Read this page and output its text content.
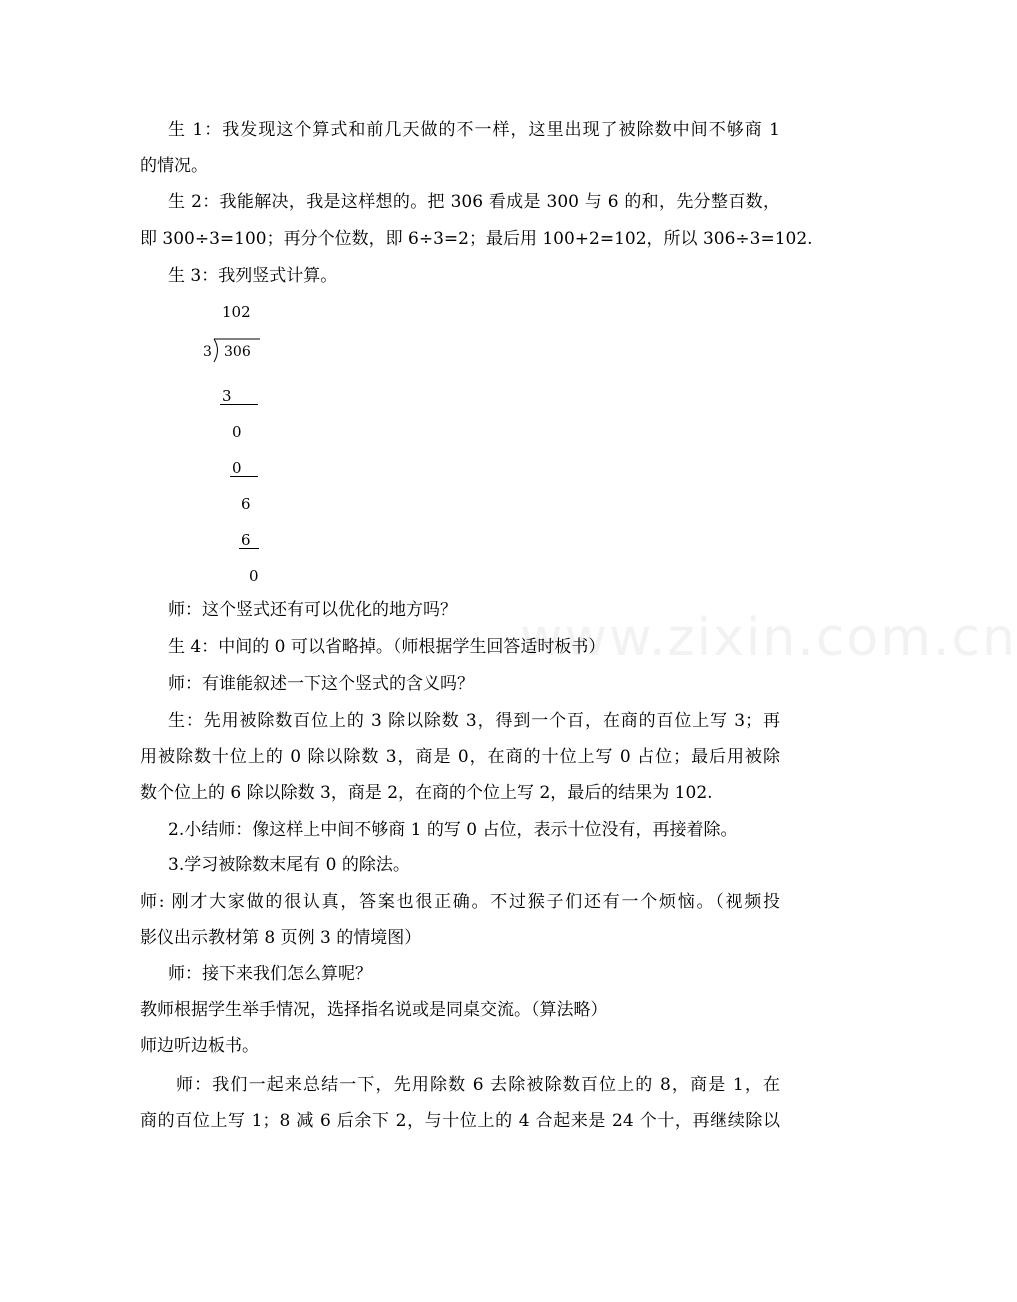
www.zixin.com.cn
生 1：我发现这个算式和前几天做的不一样，这里出现了被除数中间不够商 1
的情况。
生 2：我能解决，我是这样想的。把 306 看成是 300 与 6 的和，先分整百数，
即 300÷3=100；再分个位数，即 6÷3=2；最后用 100+2=102，所以 306÷3=102.
生 3：我列竖式计算。
102
3 306
3
0
0
6
6
0
师：这个竖式还有可以优化的地方吗？
生 4：中间的 0 可以省略掉。（师根据学生回答适时板书）
师：有谁能叙述一下这个竖式的含义吗？
生：先用被除数百位上的 3 除以除数 3，得到一个百，在商的百位上写 3；再
用被除数十位上的 0 除以除数 3，商是 0，在商的十位上写 0 占位；最后用被除
数个位上的 6 除以除数 3，商是 2，在商的个位上写 2，最后的结果为 102.
2.小结师：像这样上中间不够商 1 的写 0 占位，表示十位没有，再接着除。
3.学习被除数末尾有 0 的除法。
师: 刚才大家做的很认真，答案也很正确。不过猴子们还有一个烦恼。（视频投
影仪出示教材第 8 页例 3 的情境图）
师：接下来我们怎么算呢？
教师根据学生举手情况，选择指名说或是同桌交流。（算法略）
师边听边板书。
师：我们一起来总结一下，先用除数 6 去除被除数百位上的 8，商是 1，在
商的百位上写 1；8 减 6 后余下 2，与十位上的 4 合起来是 24 个十，再继续除以
